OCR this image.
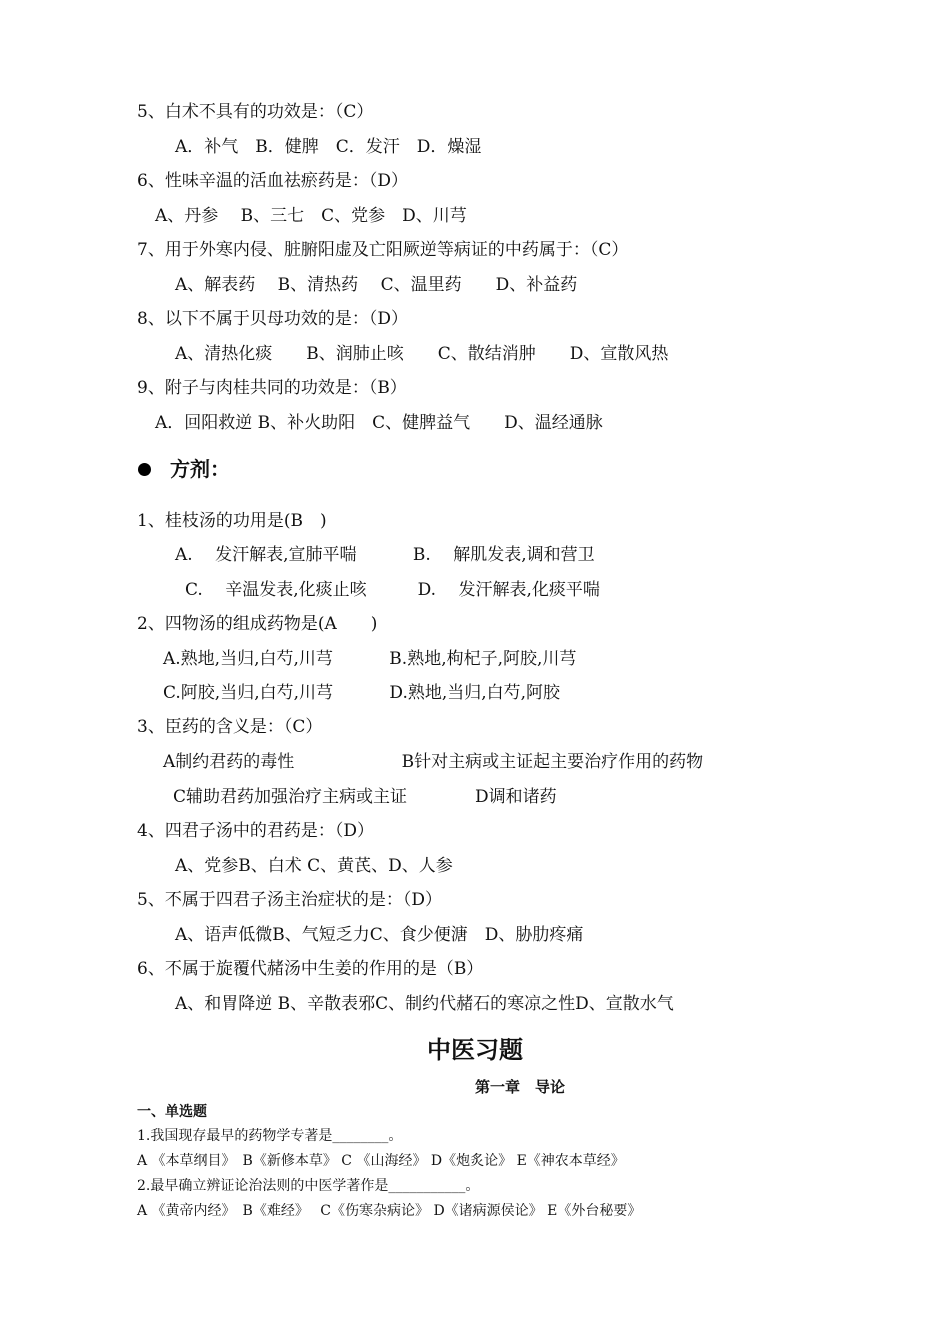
5、白术不具有的功效是：（C）
A．补气　B．健脾　C．发汗　D．燥湿
6、性味辛温的活血祛瘀药是：（D）
A、丹参　 B、三七　C、党参　D、川芎
7、用于外寒内侵、脏腑阳虚及亡阳厥逆等病证的中药属于：（C）
A、解表药　 B、清热药　 C、温里药　　D、补益药
8、以下不属于贝母功效的是：（D）
A、清热化痰　　B、润肺止咳　　C、散结消肿　　D、宣散风热
9、附子与肉桂共同的功效是：（B）
A．回阳救逆 B、补火助阳　C、健脾益气　　D、温经通脉
方剂：
1、桂枝汤的功用是(B　)
A.　 发汗解表,宣肺平喘　　　 B.　 解肌发表,调和营卫
C.　 辛温发表,化痰止咳　　　D.　 发汗解表,化痰平喘
2、四物汤的组成药物是(A　　)
A.熟地,当归,白芍,川芎　　　 B.熟地,枸杞子,阿胶,川芎
C.阿胶,当归,白芍,川芎　　　 D.熟地,当归,白芍,阿胶
3、臣药的含义是：（C）
A制约君药的毒性　　　　　　 B针对主病或主证起主要治疗作用的药物
C辅助君药加强治疗主病或主证　　　　D调和诸药
4、四君子汤中的君药是：（D）
A、党参B、白术 C、黄芪、D、人参
5、不属于四君子汤主治症状的是：（D）
A、语声低微B、气短乏力C、食少便溏　D、胁肋疼痛
6、不属于旋覆代赭汤中生姜的作用的是（B）
A、和胃降逆 B、辛散表邪C、制约代赭石的寒凉之性D、宣散水气
中医习题
第一章　导论
一、单选题
1.我国现存最早的药物学专著是________。
A 《本草纲目》　B《新修本草》 C 《山海经》 D《炮炙论》 E《神农本草经》
2.最早确立辨证论治法则的中医学著作是___________。
A 《黄帝内经》　B《难经》　 C《伤寒杂病论》 D《诸病源侯论》 E《外台秘要》
